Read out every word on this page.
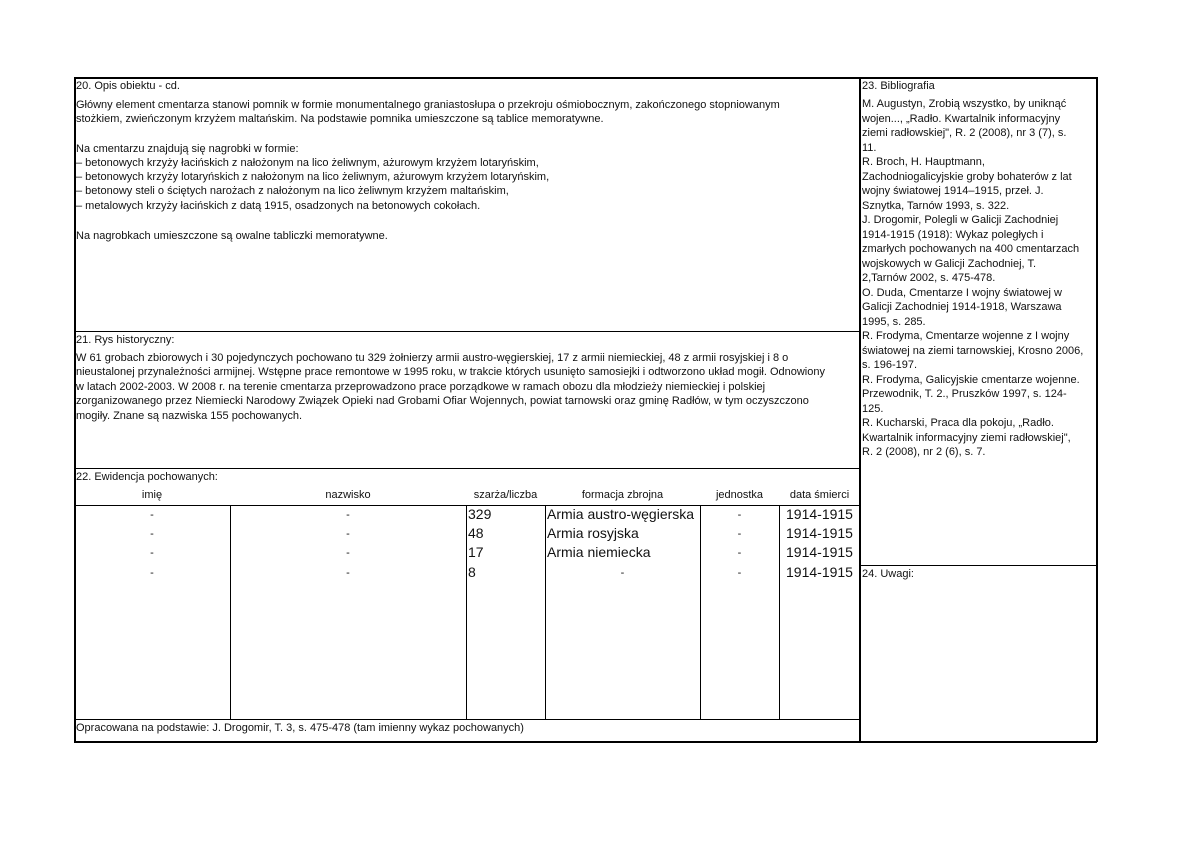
20. Opis obiektu - cd.
Główny element cmentarza stanowi pomnik w formie monumentalnego graniastosłupa o przekroju ośmiobocznym, zakończonego stopniowanym
stożkiem, zwieńczonym krzyżem maltańskim. Na podstawie pomnika umieszczone są tablice memoratywne.
Na cmentarzu znajdują się nagrobki w formie:
– betonowych krzyży łacińskich z nałożonym na lico żeliwnym, ażurowym krzyżem lotaryńskim,
– betonowych krzyży lotaryńskich z nałożonym na lico żeliwnym, ażurowym krzyżem lotaryńskim,
– betonowy steli o ściętych narożach z nałożonym na lico żeliwnym krzyżem maltańskim,
– metalowych krzyży łacińskich z datą 1915, osadzonych na betonowych cokołach.
Na nagrobkach umieszczone są owalne tabliczki memoratywne.
21. Rys historyczny:
W 61 grobach zbiorowych i 30 pojedynczych pochowano tu 329 żołnierzy armii austro-węgierskiej, 17 z armii niemieckiej, 48 z armii rosyjskiej i 8 o
nieustalonej przynależności armijnej. Wstępne prace remontowe w 1995 roku, w trakcie których usunięto samosiejki i odtworzono układ mogił. Odnowiony
w latach 2002-2003. W 2008 r. na terenie cmentarza przeprowadzono prace porządkowe w ramach obozu dla młodzieży niemieckiej i polskiej
zorganizowanego przez Niemiecki Narodowy Związek Opieki nad Grobami Ofiar Wojennych, powiat tarnowski oraz gminę Radłów, w tym oczyszczono
mogiły. Znane są nazwiska 155 pochowanych.
22. Ewidencja pochowanych:
imię	nazwisko	szarża/liczba	formacja zbrojna	jednostka	data śmierci
-	-	329	Armia austro-węgierska	-	1914-1915
-	-	48	Armia rosyjska	-	1914-1915
-	-	17	Armia niemiecka	-	1914-1915
-	-	8	-	-	1914-1915
Opracowana na podstawie: J. Drogomir, T. 3, s. 475-478 (tam imienny wykaz pochowanych)
23. Bibliografia

M. Augustyn, Zrobią wszystko, by uniknąć

wojen..., „Radło. Kwartalnik informacyjny

ziemi radłowskiej", R. 2 (2008), nr 3 (7), s.

11.

R. Broch, H. Hauptmann,

Zachodniogalicyjskie groby bohaterów z lat

wojny światowej 1914–1915, przeł. J.

Sznytka, Tarnów 1993, s. 322.

J. Drogomir, Polegli w Galicji Zachodniej

1914-1915 (1918): Wykaz poległych i

zmarłych pochowanych na 400 cmentarzach

wojskowych w Galicji Zachodniej, T.

2,Tarnów 2002, s. 475-478.

O. Duda, Cmentarze I wojny światowej w

Galicji Zachodniej 1914-1918, Warszawa

1995, s. 285.

R. Frodyma, Cmentarze wojenne z I wojny

światowej na ziemi tarnowskiej, Krosno 2006,

s. 196-197.

R. Frodyma, Galicyjskie cmentarze wojenne.

Przewodnik, T. 2., Pruszków 1997, s. 124-

125.

R. Kucharski, Praca dla pokoju, „Radło.

Kwartalnik informacyjny ziemi radłowskiej",

R. 2 (2008), nr 2 (6), s. 7.

24. Uwagi:
